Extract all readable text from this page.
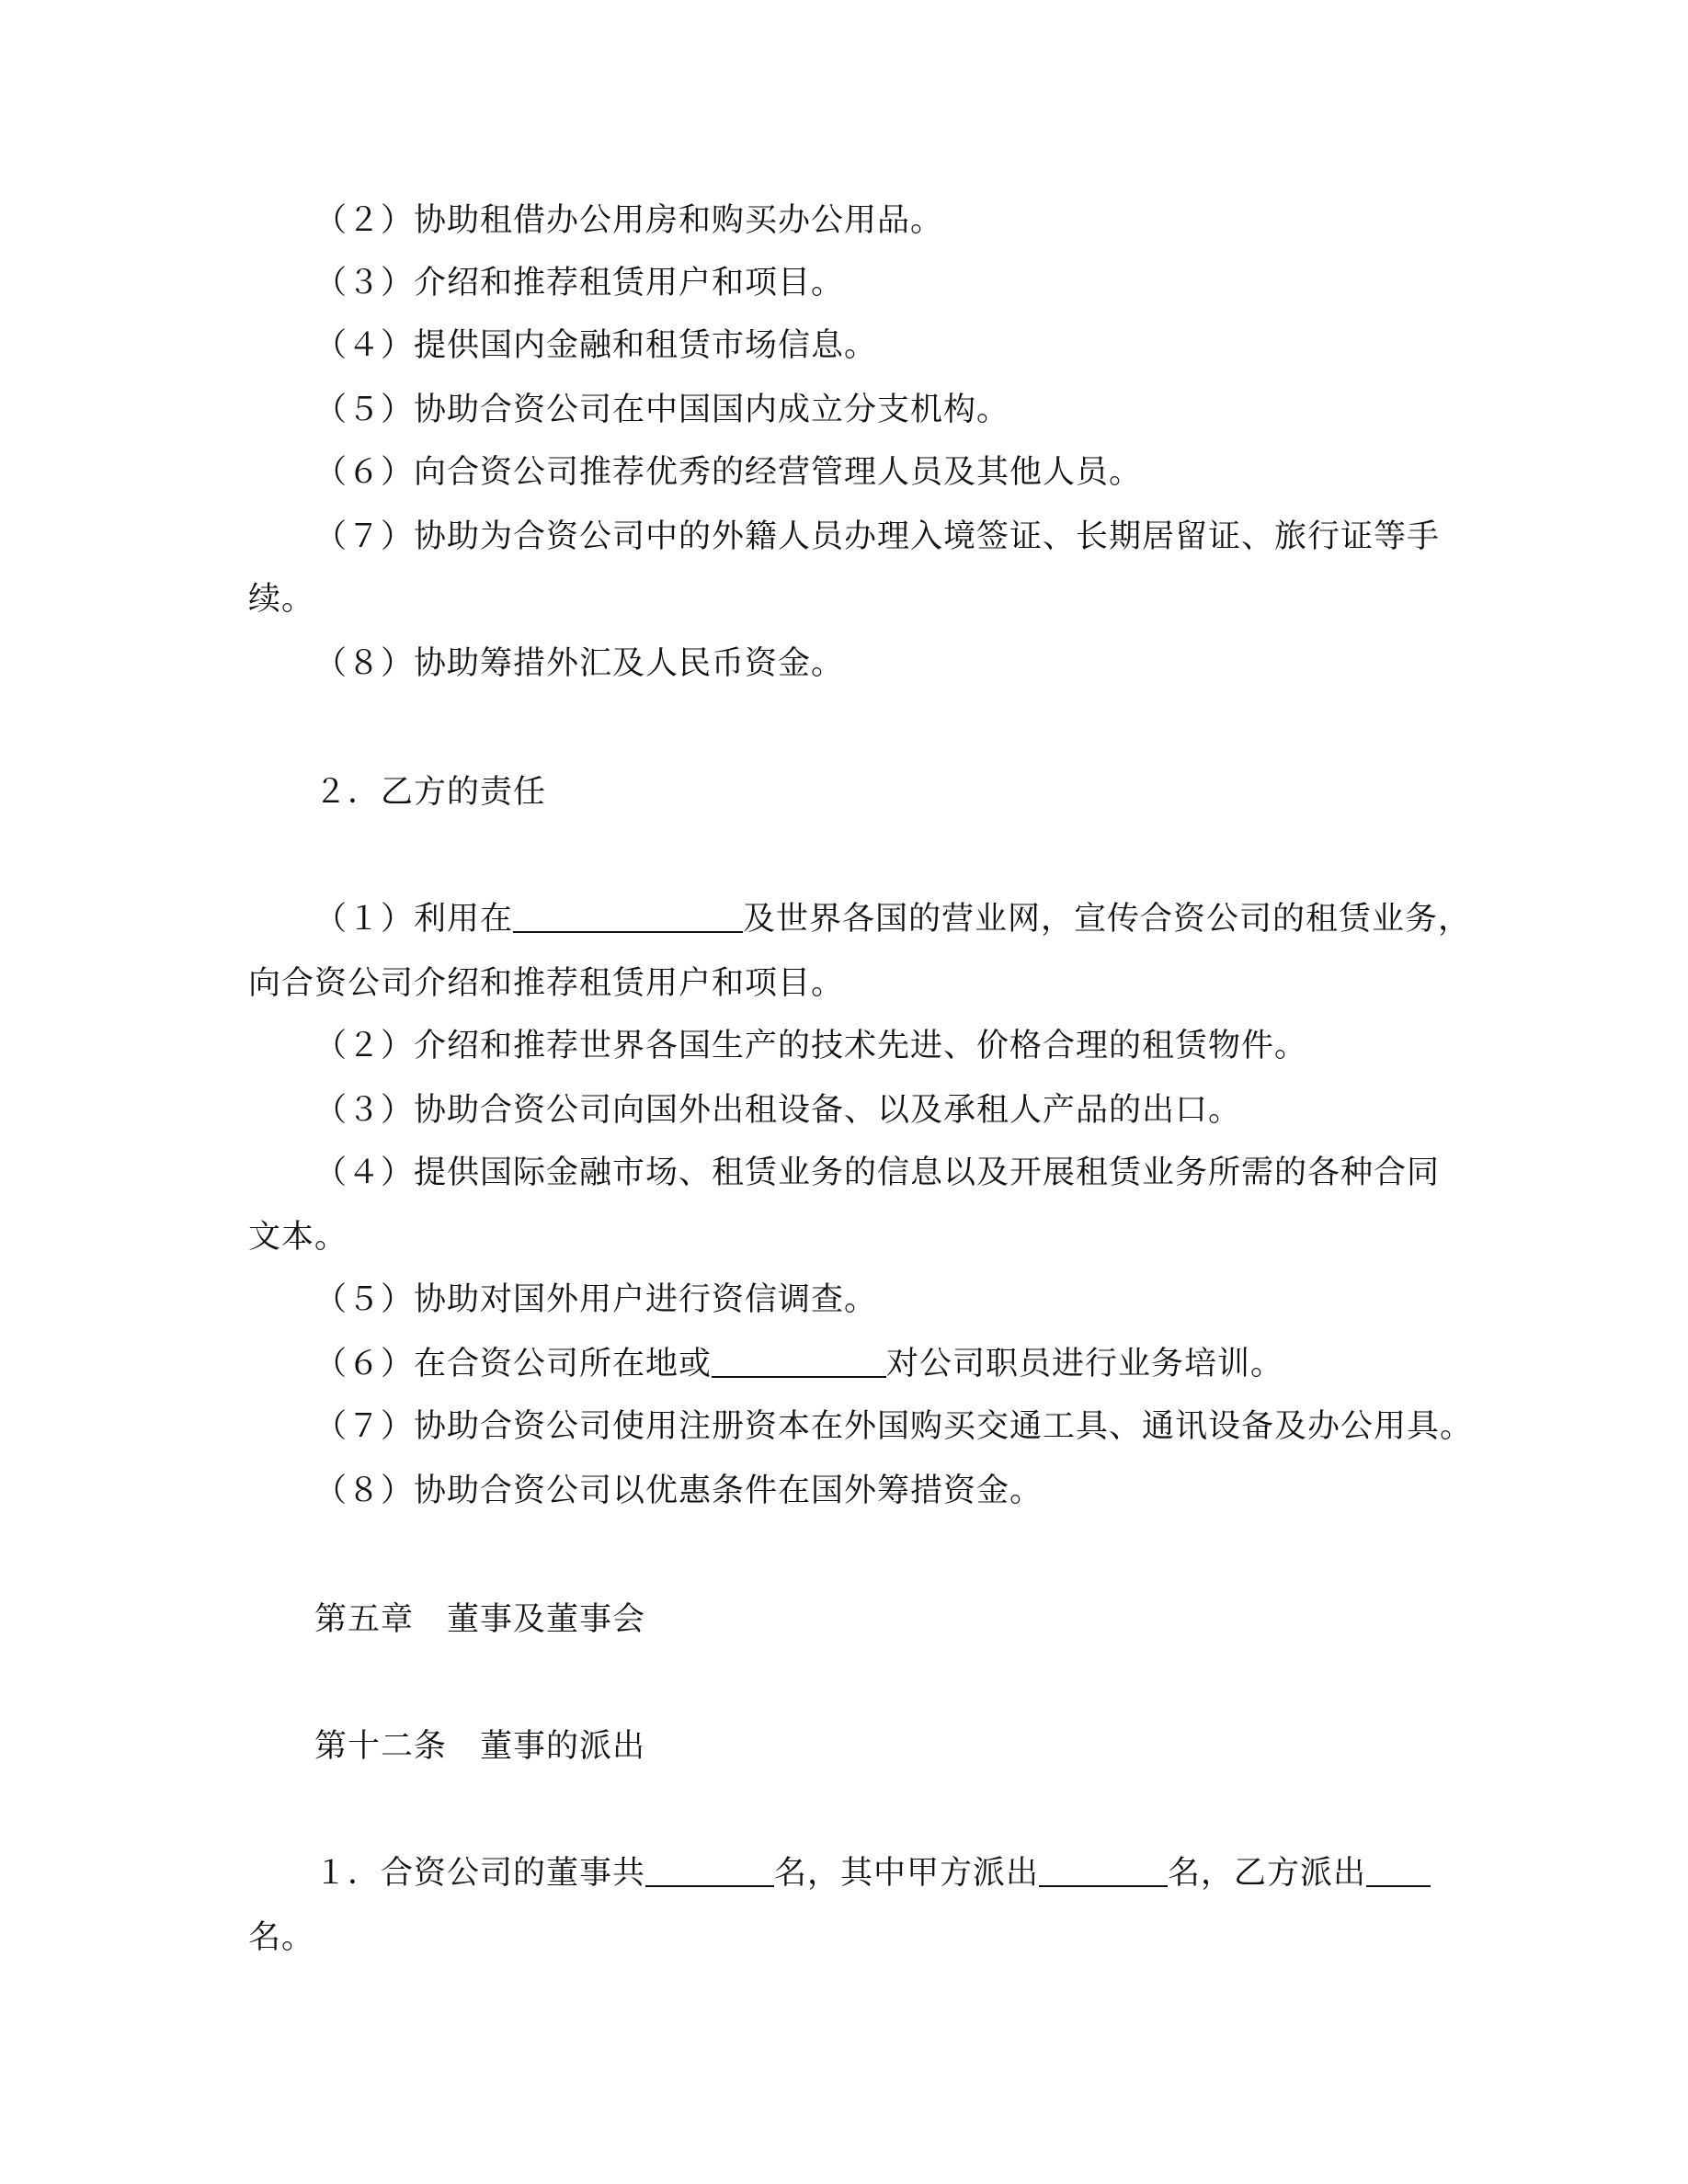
（２）协助租借办公用房和购买办公用品。
（３）介绍和推荐租赁用户和项目。
（４）提供国内金融和租赁市场信息。
（５）协助合资公司在中国国内成立分支机构。
（６）向合资公司推荐优秀的经营管理人员及其他人员。
（７）协助为合资公司中的外籍人员办理入境签证、长期居留证、旅行证等手
续。
（８）协助筹措外汇及人民币资金。
２．乙方的责任
（１）利用在	及世界各国的营业网，宣传合资公司的租赁业务，
向合资公司介绍和推荐租赁用户和项目。
（２）介绍和推荐世界各国生产的技术先进、价格合理的租赁物件。
（３）协助合资公司向国外出租设备、以及承租人产品的出口。
（４）提供国际金融市场、租赁业务的信息以及开展租赁业务所需的各种合同
文本。
（５）协助对国外用户进行资信调查。
（６）在合资公司所在地或	对公司职员进行业务培训。
（７）协助合资公司使用注册资本在外国购买交通工具、通讯设备及办公用具。
（８）协助合资公司以优惠条件在国外筹措资金。
第五章　董事及董事会
第十二条　董事的派出
１．合资公司的董事共	名，其中甲方派出	名，乙方派出
名。
